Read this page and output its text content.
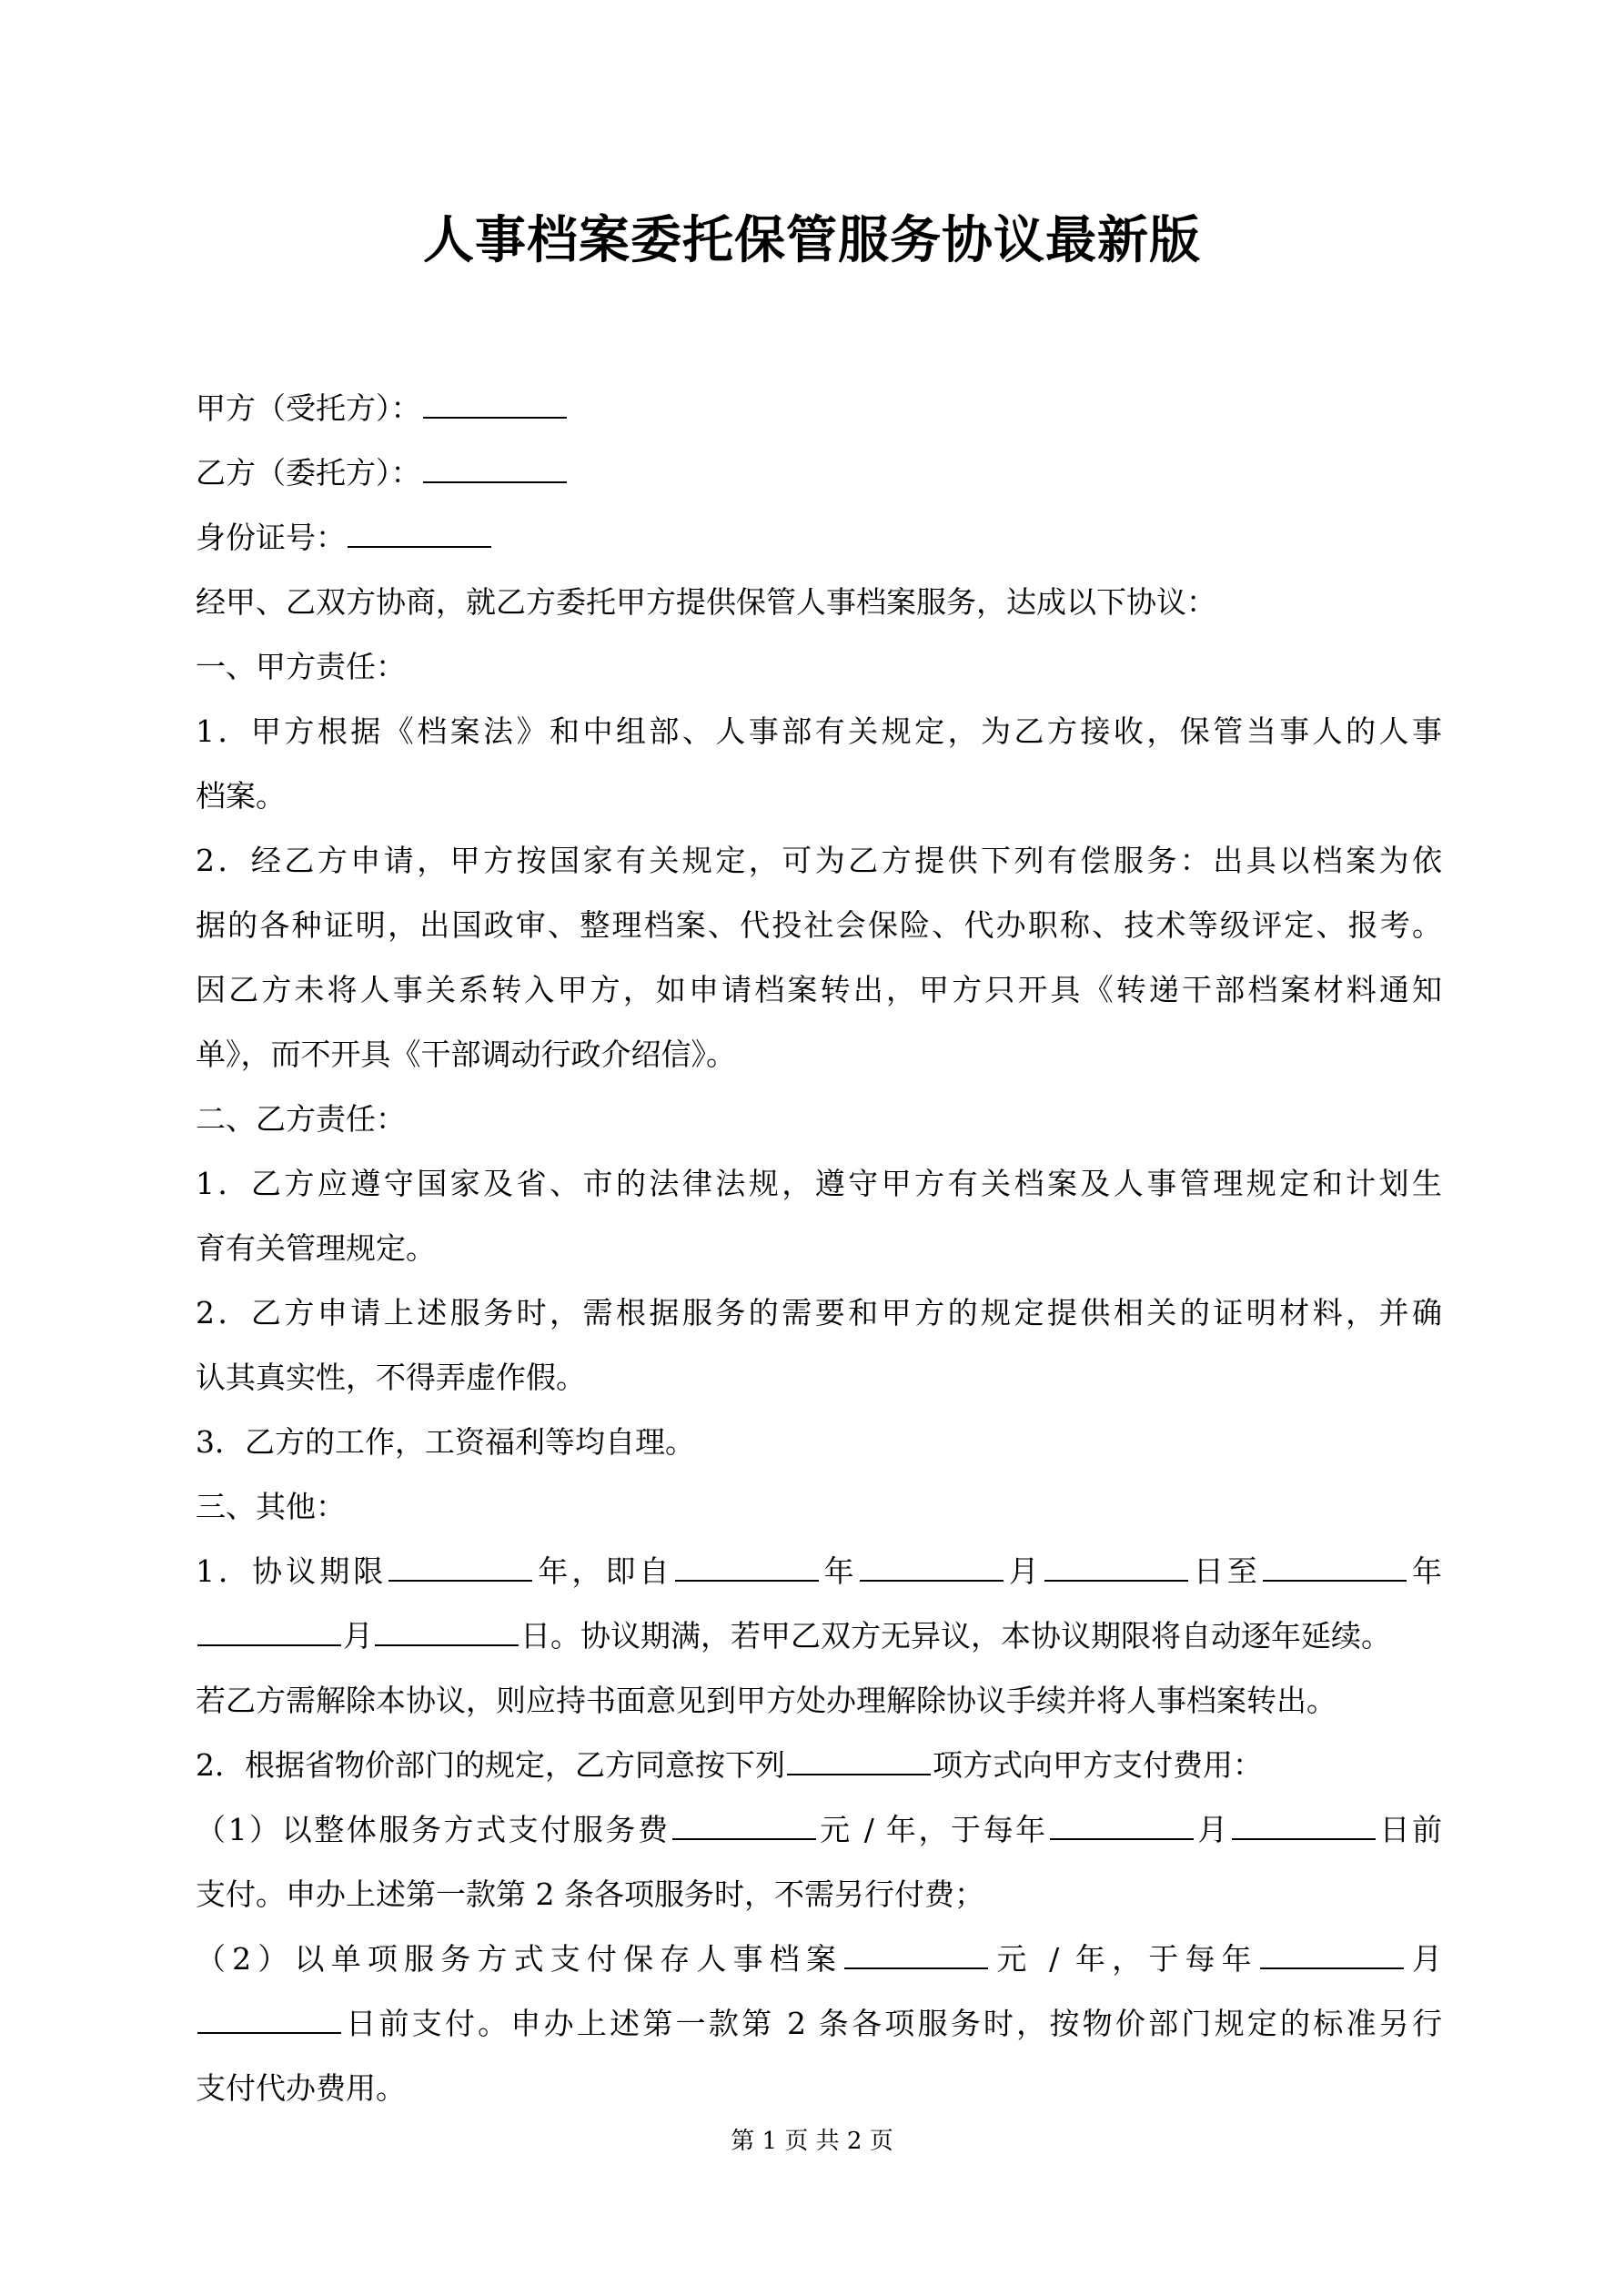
人事档案委托保管服务协议最新版
甲方（受托方）：
乙方（委托方）：
身份证号：
经甲、乙双方协商，就乙方委托甲方提供保管人事档案服务，达成以下协议：
一、甲方责任：
1．甲方根据《档案法》和中组部、人事部有关规定，为乙方接收，保管当事人的人事
档案。
2．经乙方申请，甲方按国家有关规定，可为乙方提供下列有偿服务：出具以档案为依
据的各种证明，出国政审、整理档案、代投社会保险、代办职称、技术等级评定、报考。
因乙方未将人事关系转入甲方，如申请档案转出，甲方只开具《转递干部档案材料通知
单》，而不开具《干部调动行政介绍信》。
二、乙方责任：
1．乙方应遵守国家及省、市的法律法规，遵守甲方有关档案及人事管理规定和计划生
育有关管理规定。
2．乙方申请上述服务时，需根据服务的需要和甲方的规定提供相关的证明材料，并确
认其真实性，不得弄虚作假。
3．乙方的工作，工资福利等均自理。
三、其他：
1．协议期限	年，即自	年	月	日至	年
月	日。协议期满，若甲乙双方无异议，本协议期限将自动逐年延续。
若乙方需解除本协议，则应持书面意见到甲方处办理解除协议手续并将人事档案转出。
2．根据省物价部门的规定，乙方同意按下列	项方式向甲方支付费用：
（1）以整体服务方式支付服务费	元 / 年，于每年	月	日前
支付。申办上述第一款第 2 条各项服务时，不需另行付费；
（2）以单项服务方式支付保存人事档案	元 / 年，于每年	月
日前支付。申办上述第一款第 2 条各项服务时，按物价部门规定的标准另行
支付代办费用。
第 1 页 共 2 页
